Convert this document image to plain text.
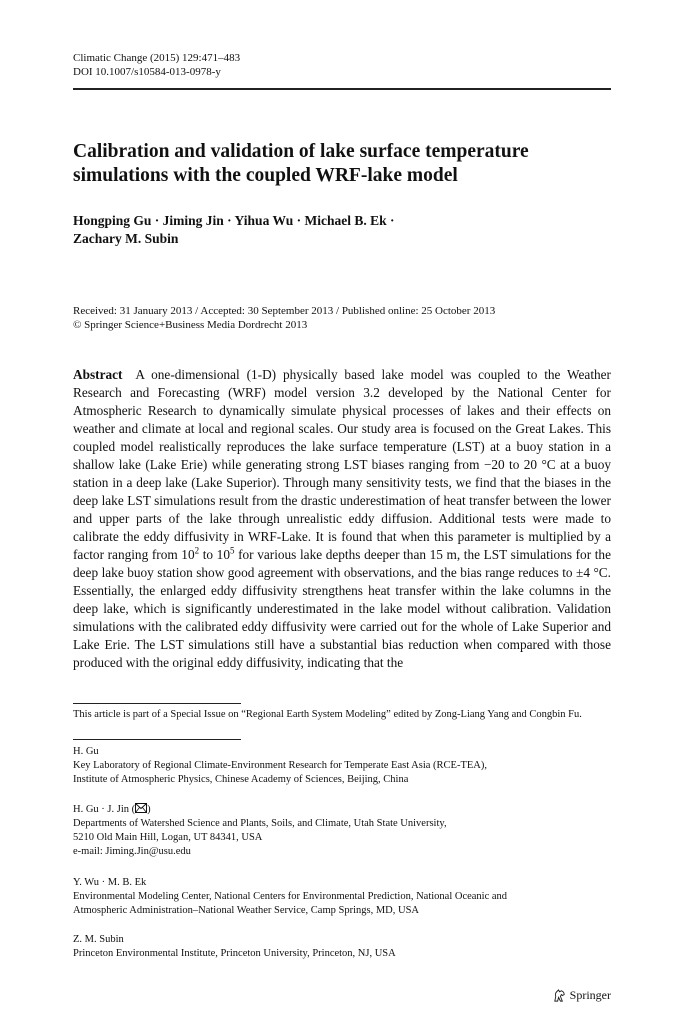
Climatic Change (2015) 129:471–483
DOI 10.1007/s10584-013-0978-y
Calibration and validation of lake surface temperature
simulations with the coupled WRF-lake model
Hongping Gu · Jiming Jin · Yihua Wu · Michael B. Ek ·
Zachary M. Subin
Received: 31 January 2013 / Accepted: 30 September 2013 / Published online: 25 October 2013
© Springer Science+Business Media Dordrecht 2013

Abstract A one-dimensional (1-D) physically based lake model was coupled to the Weather Research and Forecasting (WRF) model version 3.2 developed by the National Center for Atmospheric Research to dynamically simulate physical processes of lakes and their effects on weather and climate at local and regional scales. Our study area is focused on the Great Lakes. This coupled model realistically reproduces the lake surface temperature (LST) at a buoy station in a shallow lake (Lake Erie) while generating strong LST biases ranging from −20 to 20 °C at a buoy station in a deep lake (Lake Superior). Through many sensitivity tests, we find that the biases in the deep lake LST simulations result from the drastic underestimation of heat transfer between the lower and upper parts of the lake through unrealistic eddy diffusion. Additional tests were made to calibrate the eddy diffusivity in WRF-Lake. It is found that when this parameter is multiplied by a factor ranging from $10^2$ to $10^5$ for various lake depths deeper than 15 m, the LST simulations for the deep lake buoy station show good agreement with observations, and the bias range reduces to ±4 °C. Essentially, the enlarged eddy diffusivity strengthens heat transfer within the lake columns in the deep lake, which is significantly underestimated in the lake model without calibration. Validation simulations with the calibrated eddy diffusivity were carried out for the whole of Lake Superior and Lake Erie. The LST simulations still have a substantial bias reduction when compared with those produced with the original eddy diffusivity, indicating that the

This article is part of a Special Issue on “Regional Earth System Modeling” edited by Zong-Liang Yang and Congbin Fu.
H. Gu
Key Laboratory of Regional Climate-Environment Research for Temperate East Asia (RCE-TEA),
Institute of Atmospheric Physics, Chinese Academy of Sciences, Beijing, China
H. Gu · J. Jin ( )
Departments of Watershed Science and Plants, Soils, and Climate, Utah State University,
5210 Old Main Hill, Logan, UT 84341, USA
e-mail: Jiming.Jin@usu.edu
Y. Wu · M. B. Ek
Environmental Modeling Center, National Centers for Environmental Prediction, National Oceanic and
Atmospheric Administration–National Weather Service, Camp Springs, MD, USA
Z. M. Subin
Princeton Environmental Institute, Princeton University, Princeton, NJ, USA
Springer
